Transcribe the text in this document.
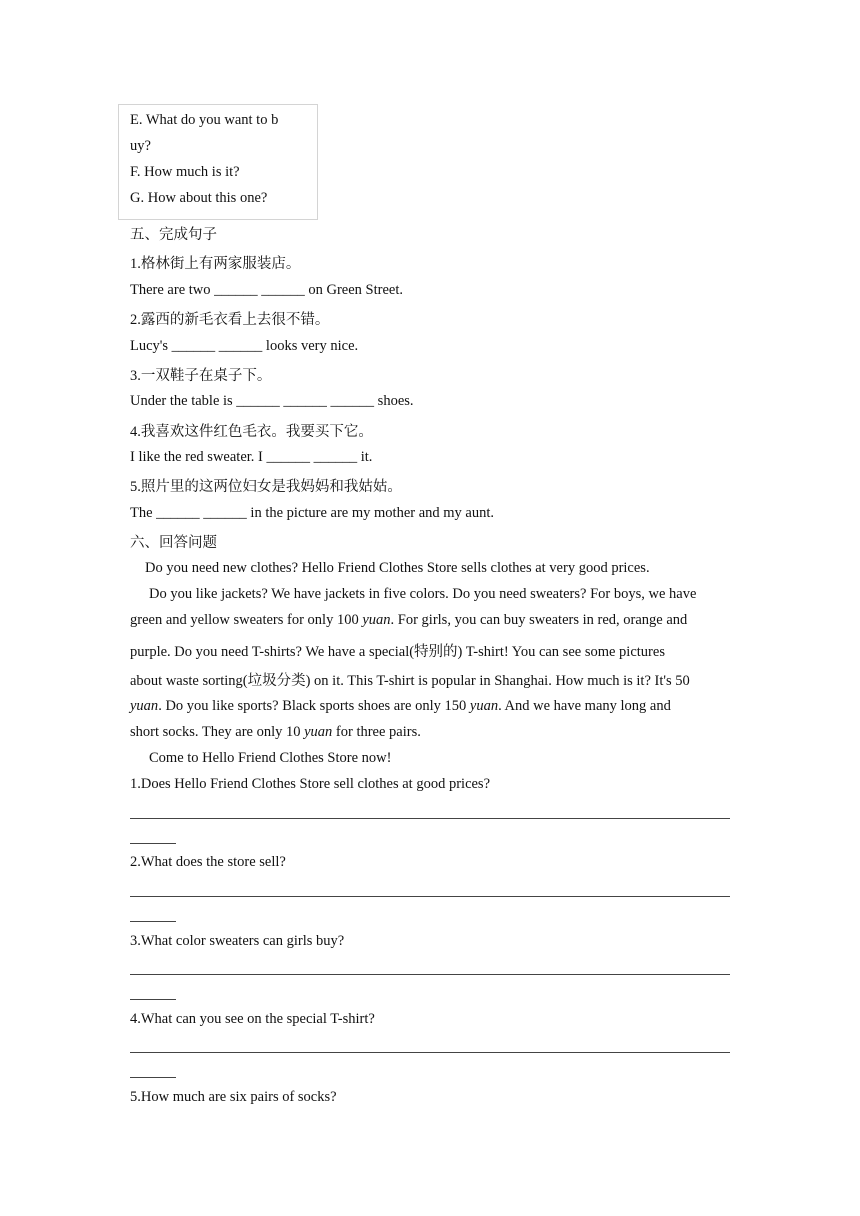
E. What do you want to b
uy?
F. How much is it?
G. How about this one?
五、完成句子
1.格林街上有两家服装店。
There are two ______ ______ on Green Street.
2.露西的新毛衣看上去很不错。
Lucy's ______ ______ looks very nice.
3.一双鞋子在桌子下。
Under the table is ______ ______ ______ shoes.
4.我喜欢这件红色毛衣。我要买下它。
I like the red sweater. I ______ ______ it.
5.照片里的这两位妇女是我妈妈和我姑姑。
The ______ ______ in the picture are my mother and my aunt.
六、回答问题
Do you need new clothes? Hello Friend Clothes Store sells clothes at very good prices.
Do you like jackets? We have jackets in five colors. Do you need sweaters? For boys, we have
green and yellow sweaters for only 100 yuan. For girls, you can buy sweaters in red, orange and
purple. Do you need T-shirts? We have a special(特别的) T-shirt! You can see some pictures
about waste sorting(垃圾分类) on it. This T-shirt is popular in Shanghai. How much is it? It's 50
yuan. Do you like sports? Black sports shoes are only 150 yuan. And we have many long and
short socks. They are only 10 yuan for three pairs.
Come to Hello Friend Clothes Store now!
1.Does Hello Friend Clothes Store sell clothes at good prices?
2.What does the store sell?
3.What color sweaters can girls buy?
4.What can you see on the special T-shirt?
5.How much are six pairs of socks?
